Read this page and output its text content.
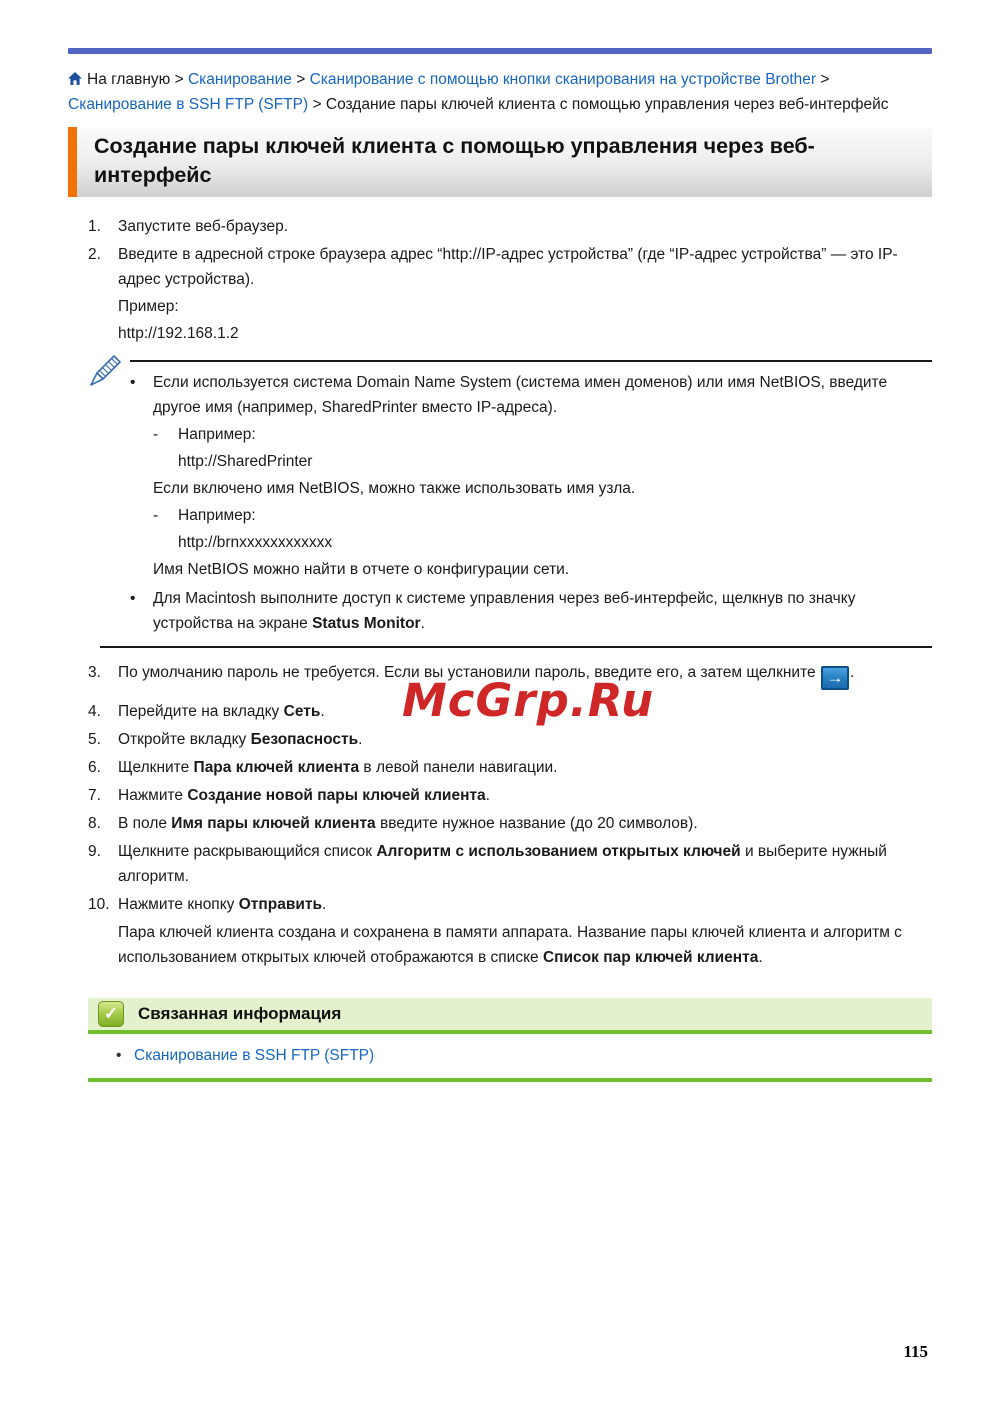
На главную > Сканирование > Сканирование с помощью кнопки сканирования на устройстве Brother > Сканирование в SSH FTP (SFTP) > Создание пары ключей клиента с помощью управления через веб-интерфейс
Создание пары ключей клиента с помощью управления через веб-интерфейс
1.	Запустите веб-браузер.
2.	Введите в адресной строке браузера адрес “http://IP-адрес устройства” (где “IP-адрес устройства” — это IP-адрес устройства).
Пример:
http://192.168.1.2
•	Если используется система Domain Name System (система имен доменов) или имя NetBIOS, введите другое имя (например, SharedPrinter вместо IP-адреса).
-	Например:
http://SharedPrinter
Если включено имя NetBIOS, можно также использовать имя узла.
-	Например:
http://brnxxxxxxxxxxxx
Имя NetBIOS можно найти в отчете о конфигурации сети.
•	Для Macintosh выполните доступ к системе управления через веб-интерфейс, щелкнув по значку устройства на экране Status Monitor.
3.	По умолчанию пароль не требуется. Если вы установили пароль, введите его, а затем щелкните → .
4.	Перейдите на вкладку Сеть.
5.	Откройте вкладку Безопасность.
6.	Щелкните Пара ключей клиента в левой панели навигации.
7.	Нажмите Создание новой пары ключей клиента.
8.	В поле Имя пары ключей клиента введите нужное название (до 20 символов).
9.	Щелкните раскрывающийся список Алгоритм с использованием открытых ключей и выберите нужный алгоритм.
10. Нажмите кнопку Отправить.
Пара ключей клиента создана и сохранена в памяти аппарата. Название пары ключей клиента и алгоритм с использованием открытых ключей отображаются в списке Список пар ключей клиента.
✓ Связанная информация
• Сканирование в SSH FTP (SFTP)
McGrp.Ru
115
